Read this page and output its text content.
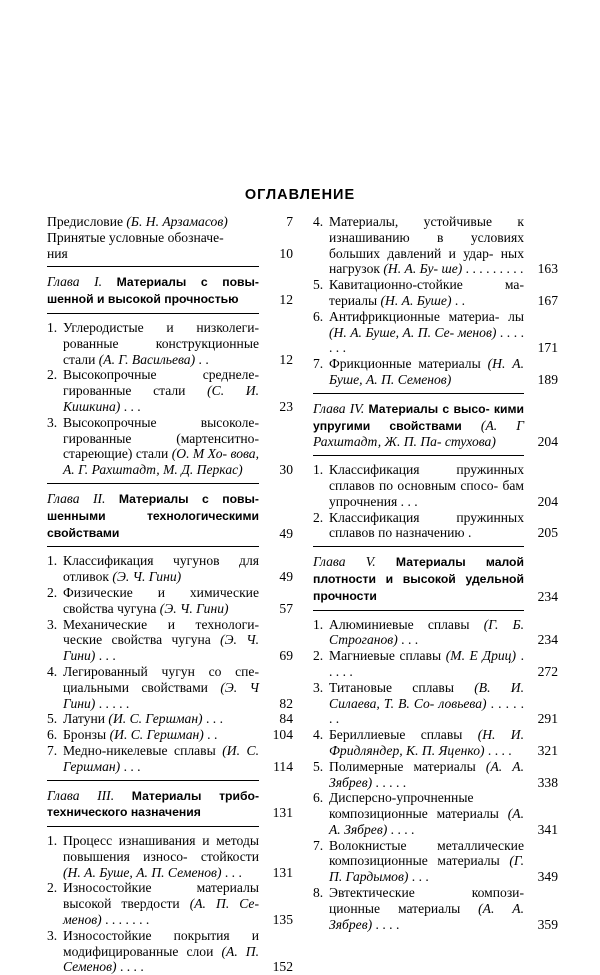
ОГЛАВЛЕНИЕ
Предисловие (Б. Н. Арзамасов)	7
Принятые условные обозначе-
ния	10
Глава I. Материалы с повы- шенной и высокой прочностью	12
1. Углеродистые и низколеги- рованные конструкционные стали (А. Г. Васильева) . .	12
2. Высокопрочные среднеле- гированные стали (С. И. Кишкина) . . .	23
3. Высокопрочные высоколе- гированные (мартенситно- стареющие) стали (О. М Хо- вова, А. Г. Рахштадт, М. Д. Перкас)	30
Глава II. Материалы с повы- шенными технологическими свойствами	49
1. Классификация чугунов для отливок (Э. Ч. Гини)	49
2. Физические и химические свойства чугуна (Э. Ч. Гини)	57
3. Механические и технологи- ческие свойства чугуна (Э. Ч. Гини) . . .	69
4. Легированный чугун со спе- циальными свойствами (Э. Ч Гини) . . . . .	82
5. Латуни (И. С. Гершман) . . .	84
6. Бронзы (И. С. Гершман) . .	104
7. Медно-никелевые сплавы (И. С. Гершман) . . .	114
Глава III. Материалы трибо- технического назначения	131
1. Процесс изнашивания и методы повышения износо- стойкости (Н. А. Буше, А. П. Семенов) . . . 131
2. Износостойкие материалы высокой твердости (А. П. Се- менов) . . . . . . .	135
3. Износостойкие покрытия и модифицированные слои (А. П. Семенов) . . . .	152
4. Материалы, устойчивые к изнашиванию в условиях больших давлений и удар- ных нагрузок (Н. А. Бу- ше) . . . . . . . . . 163
5. Кавитационно-стойкие ма- териалы (Н. А. Буше) . .	167
6. Антифрикционные материа- лы (Н. А. Буше, А. П. Се- менов) . . . . . . .	171
7. Фрикционные материалы (Н. А. Буше, А. П. Семенов)	189
Глава IV. Материалы с высо- кими упругими свойствами (А. Г Рахштадт, Ж. П. Па- стухова)	204
1. Классификация пружинных сплавов по основным спосо- бам упрочнения . . .	204
2. Классификация пружинных сплавов по назначению .	205
Глава V. Материалы малой плотности и высокой удельной прочности	234
1. Алюминиевые сплавы (Г. Б. Строганов) . . .	234
2. Магниевые сплавы (М. Е Дриц) . . . . .	272
3. Титановые сплавы (В. И. Силаева, Т. В. Со- ловьева) . . . . . . .	291
4. Бериллиевые сплавы (Н. И. Фридляндер, К. П. Яценко) . . . . 321
5. Полимерные материалы (А. А. Зябрев) . . . . .	338
6. Дисперсно-упрочненные композиционные материалы (А. А. Зябрев) . . . .	341
7. Волокнистые металлические композиционные материалы (Г. П. Гардымов) . . .	349
8. Эвтектические компози- ционные материалы (А. А. Зябрев) . . . .	359
